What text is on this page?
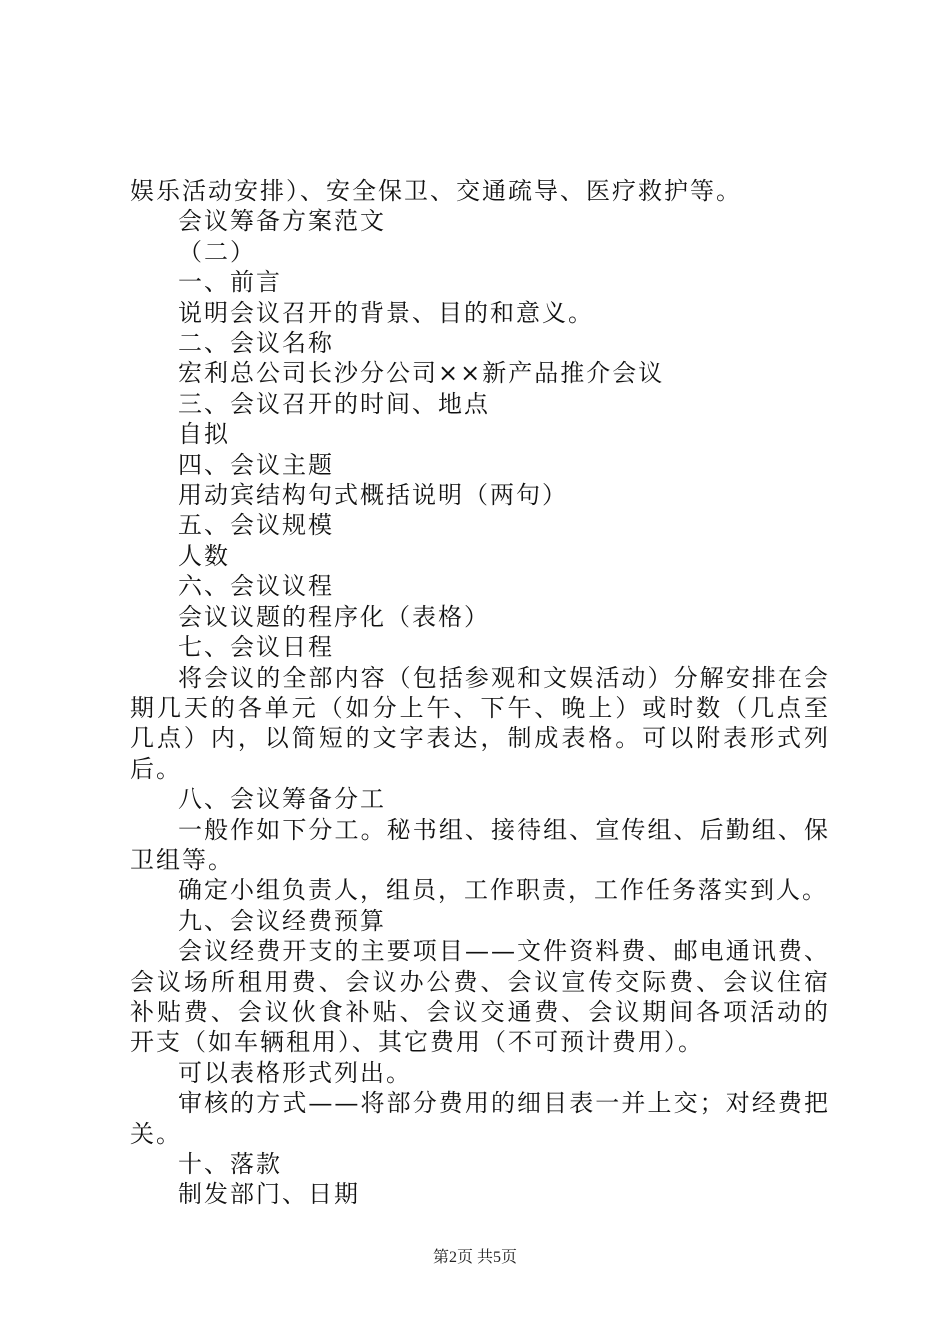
娱乐活动安排）、安全保卫、交通疏导、医疗救护等。

会议筹备方案范文

（二）

一、前言

说明会议召开的背景、目的和意义。

二、会议名称

宏利总公司长沙分公司××新产品推介会议

三、会议召开的时间、地点

自拟

四、会议主题

用动宾结构句式概括说明（两句）

五、会议规模

人数

六、会议议程

会议议题的程序化（表格）

七、会议日程

将会议的全部内容（包括参观和文娱活动）分解安排在会期几天的各单元（如分上午、下午、晚上）或时数（几点至几点）内，以简短的文字表达，制成表格。可以附表形式列后。

八、会议筹备分工

一般作如下分工。秘书组、接待组、宣传组、后勤组、保卫组等。

确定小组负责人，组员，工作职责，工作任务落实到人。

九、会议经费预算

会议经费开支的主要项目——文件资料费、邮电通讯费、会议场所租用费、会议办公费、会议宣传交际费、会议住宿补贴费、会议伙食补贴、会议交通费、会议期间各项活动的开支（如车辆租用）、其它费用（不可预计费用）。

可以表格形式列出。

审核的方式——将部分费用的细目表一并上交；对经费把关。

十、落款

制发部门、日期

第2页 共5页
